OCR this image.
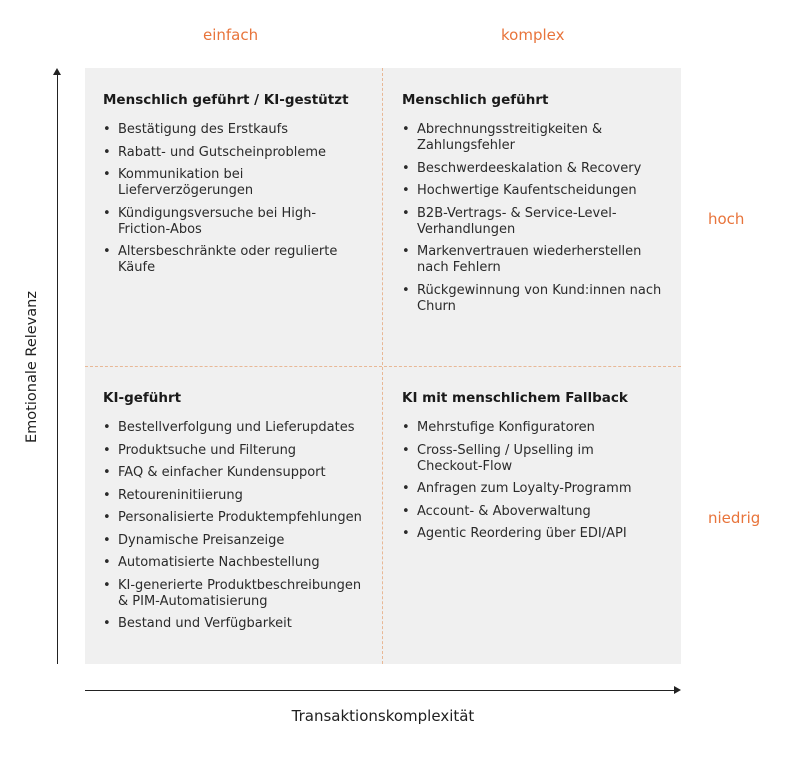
einfach	komplex
hoch
niedrig
Emotionale Relevanz
Menschlich geführt / KI-gestützt
• Bestätigung des Erstkaufs
• Rabatt- und Gutscheinprobleme
• Kommunikation bei
Lieferverzögerungen
• Kündigungsversuche bei High-
Friction-Abos
• Altersbeschränkte oder regulierte
Käufe
Menschlich geführt
• Abrechnungsstreitigkeiten &
Zahlungsfehler
• Beschwerdeeskalation & Recovery
• Hochwertige Kaufentscheidungen
• B2B-Vertrags- & Service-Level-
Verhandlungen
• Markenvertrauen wiederherstellen
nach Fehlern
• Rückgewinnung von Kund:innen nach
Churn
KI-geführt
• Bestellverfolgung und Lieferupdates
• Produktsuche und Filterung
• FAQ & einfacher Kundensupport
• Retoureninitiierung
• Personalisierte Produktempfehlungen
• Dynamische Preisanzeige
• Automatisierte Nachbestellung
• KI-generierte Produktbeschreibungen
& PIM-Automatisierung
• Bestand und Verfügbarkeit
KI mit menschlichem Fallback
• Mehrstufige Konfiguratoren
• Cross-Selling / Upselling im
Checkout-Flow
• Anfragen zum Loyalty-Programm
• Account- & Aboverwaltung
• Agentic Reordering über EDI/API
Transaktionskomplexität
